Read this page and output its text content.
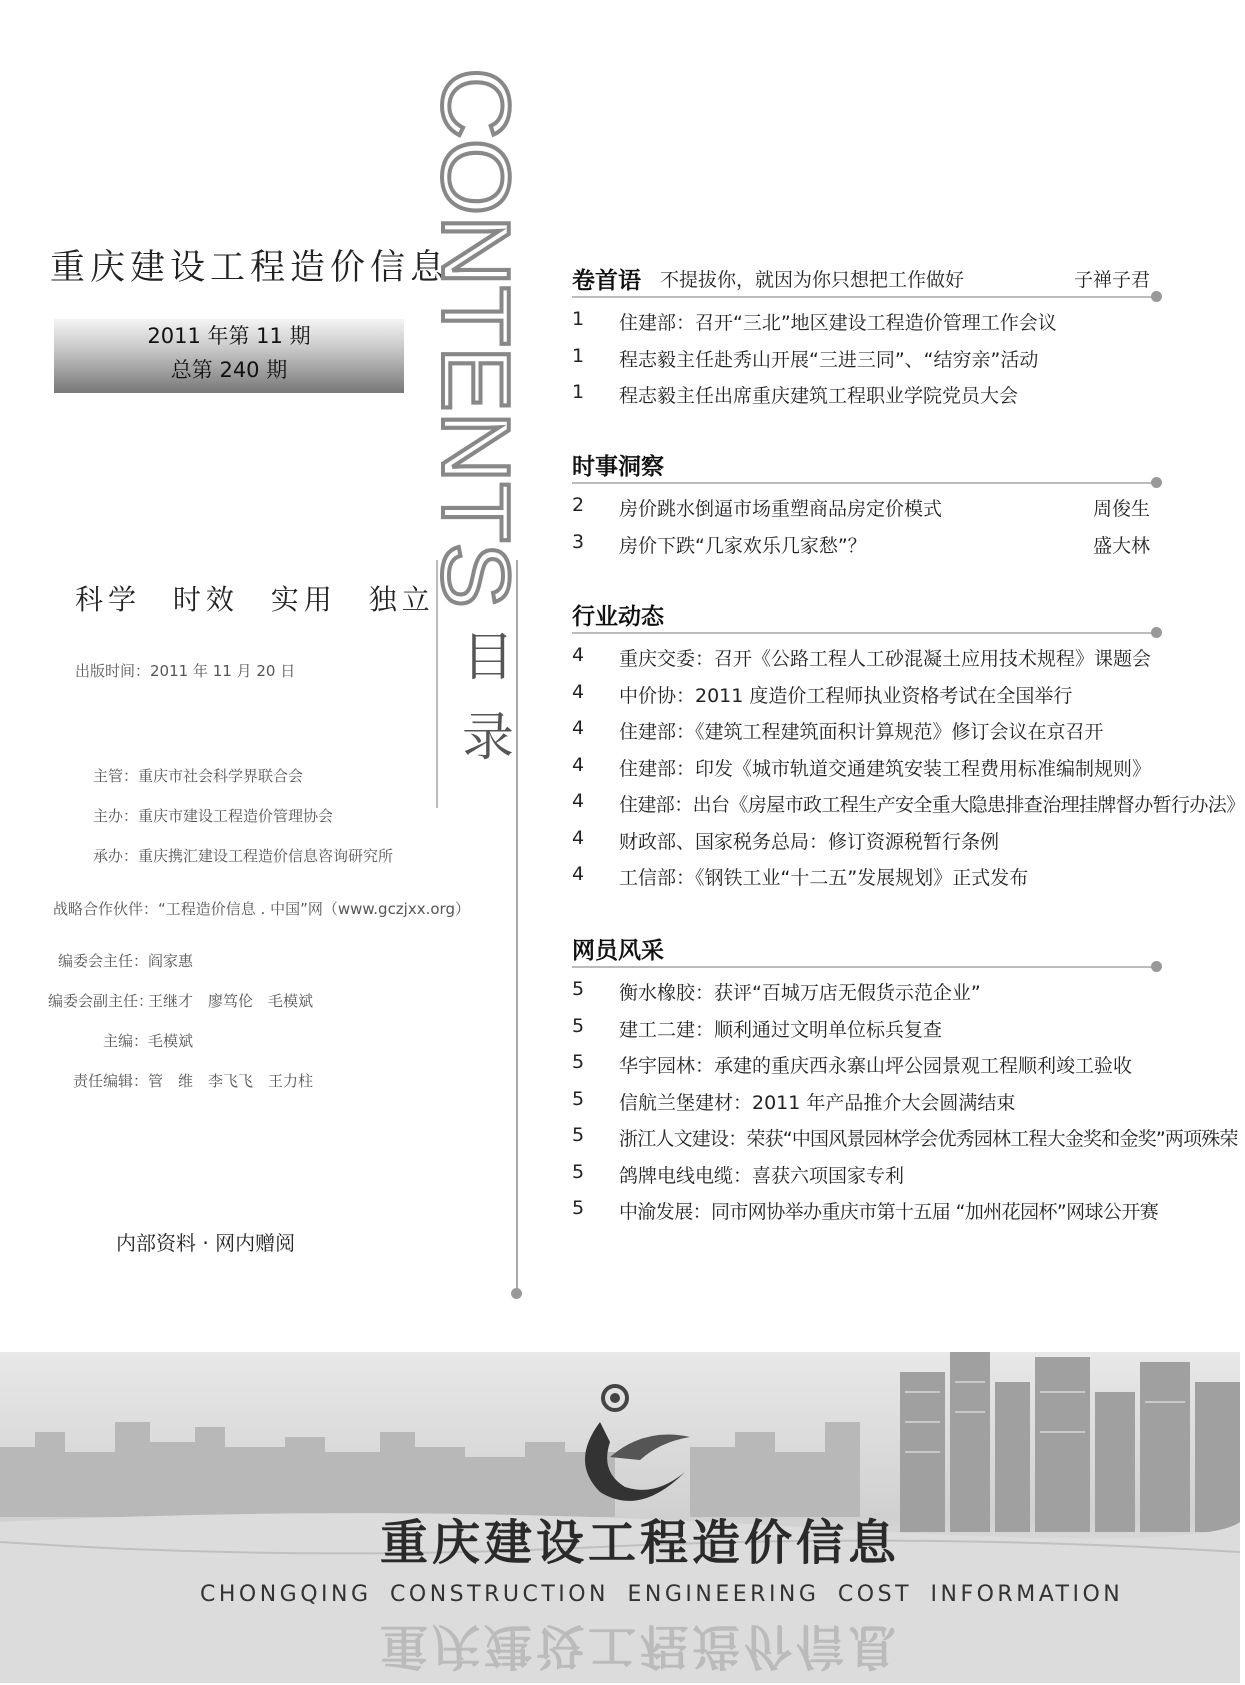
重庆建设工程造价信息
2011 年第 11 期
总第 240 期
科学 时效 实用 独立
出版时间：2011 年 11 月 20 日
主管：重庆市社会科学界联合会
主办：重庆市建设工程造价管理协会
承办：重庆携汇建设工程造价信息咨询研究所
战略合作伙伴：“工程造价信息 . 中国”网（www.gczjxx.org）
编委会主任：阎家惠
编委会副主任：王继才　廖笃伦　毛模斌
主编：毛模斌
责任编辑：管　维　李飞飞　王力柱
内部资料 · 网内赠阅
CONTENTS
目
录
卷首语 不提拔你，就因为你只想把工作做好	子禅子君
1	住建部：召开“三北”地区建设工程造价管理工作会议
1	程志毅主任赴秀山开展“三进三同”、“结穷亲”活动
1	程志毅主任出席重庆建筑工程职业学院党员大会
时事洞察
2	房价跳水倒逼市场重塑商品房定价模式	周俊生
3	房价下跌“几家欢乐几家愁”？	盛大林
行业动态
4	重庆交委：召开《公路工程人工砂混凝土应用技术规程》课题会
4	中价协：2011 度造价工程师执业资格考试在全国举行
4	住建部：《建筑工程建筑面积计算规范》修订会议在京召开
4	住建部：印发《城市轨道交通建筑安装工程费用标准编制规则》
4	住建部：出台《房屋市政工程生产安全重大隐患排查治理挂牌督办暂行办法》
4	财政部、国家税务总局：修订资源税暂行条例
4	工信部：《钢铁工业“十二五”发展规划》正式发布
网员风采
5	衡水橡胶：获评“百城万店无假货示范企业”
5	建工二建：顺利通过文明单位标兵复查
5	华宇园林：承建的重庆西永寨山坪公园景观工程顺利竣工验收
5	信航兰堡建材：2011 年产品推介大会圆满结束
5	浙江人文建设：荣获“中国风景园林学会优秀园林工程大金奖和金奖”两项殊荣
5	鸽牌电线电缆：喜获六项国家专利
5	中渝发展：同市网协举办重庆市第十五届 “加州花园杯”网球公开赛
重庆建设工程造价信息
CHONGQING CONSTRUCTION ENGINEERING COST INFORMATION
重庆建设工程造价信息
